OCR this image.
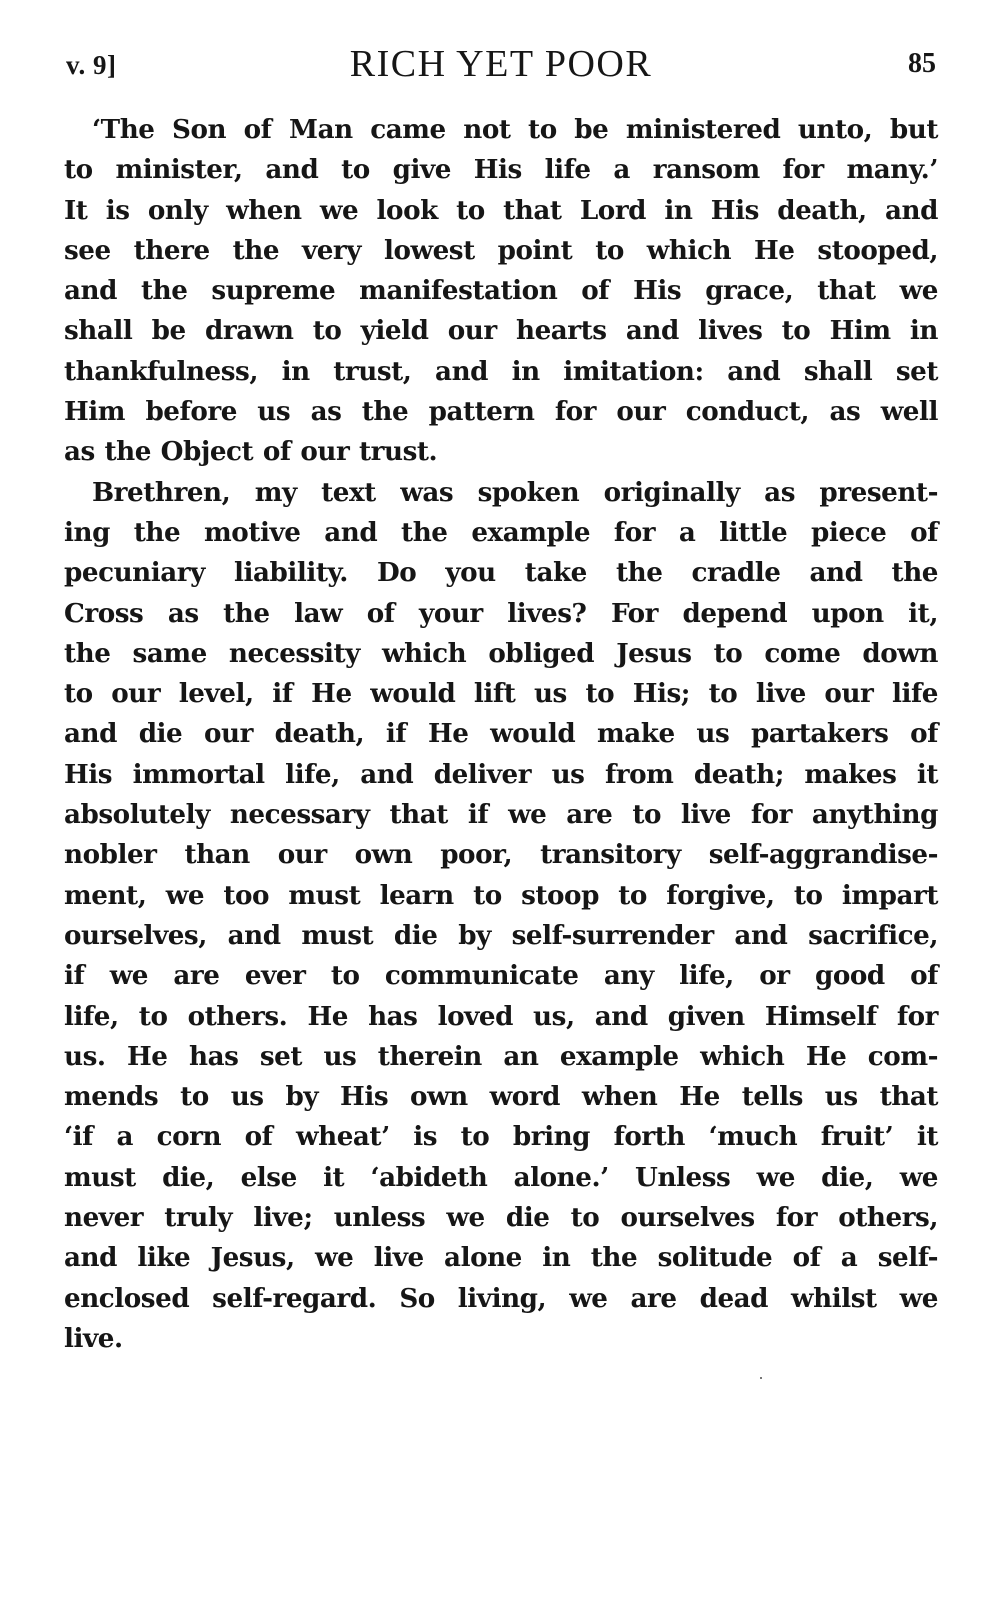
v. 9]	RICH YET POOR	85
‘The Son of Man came not to be ministered unto, but
to minister, and to give His life a ransom for many.’
It is only when we look to that Lord in His death, and
see there the very lowest point to which He stooped,
and the supreme manifestation of His grace, that we
shall be drawn to yield our hearts and lives to Him in
thankfulness, in trust, and in imitation: and shall set
Him before us as the pattern for our conduct, as well
as the Object of our trust.
Brethren, my text was spoken originally as present-
ing the motive and the example for a little piece of
pecuniary liability. Do you take the cradle and the
Cross as the law of your lives? For depend upon it,
the same necessity which obliged Jesus to come down
to our level, if He would lift us to His; to live our life
and die our death, if He would make us partakers of
His immortal life, and deliver us from death; makes it
absolutely necessary that if we are to live for anything
nobler than our own poor, transitory self-aggrandise-
ment, we too must learn to stoop to forgive, to impart
ourselves, and must die by self-surrender and sacrifice,
if we are ever to communicate any life, or good of
life, to others. He has loved us, and given Himself for
us. He has set us therein an example which He com-
mends to us by His own word when He tells us that
‘if a corn of wheat’ is to bring forth ‘much fruit’ it
must die, else it ‘abideth alone.’ Unless we die, we
never truly live; unless we die to ourselves for others,
and like Jesus, we live alone in the solitude of a self-
enclosed self-regard. So living, we are dead whilst we
live.
